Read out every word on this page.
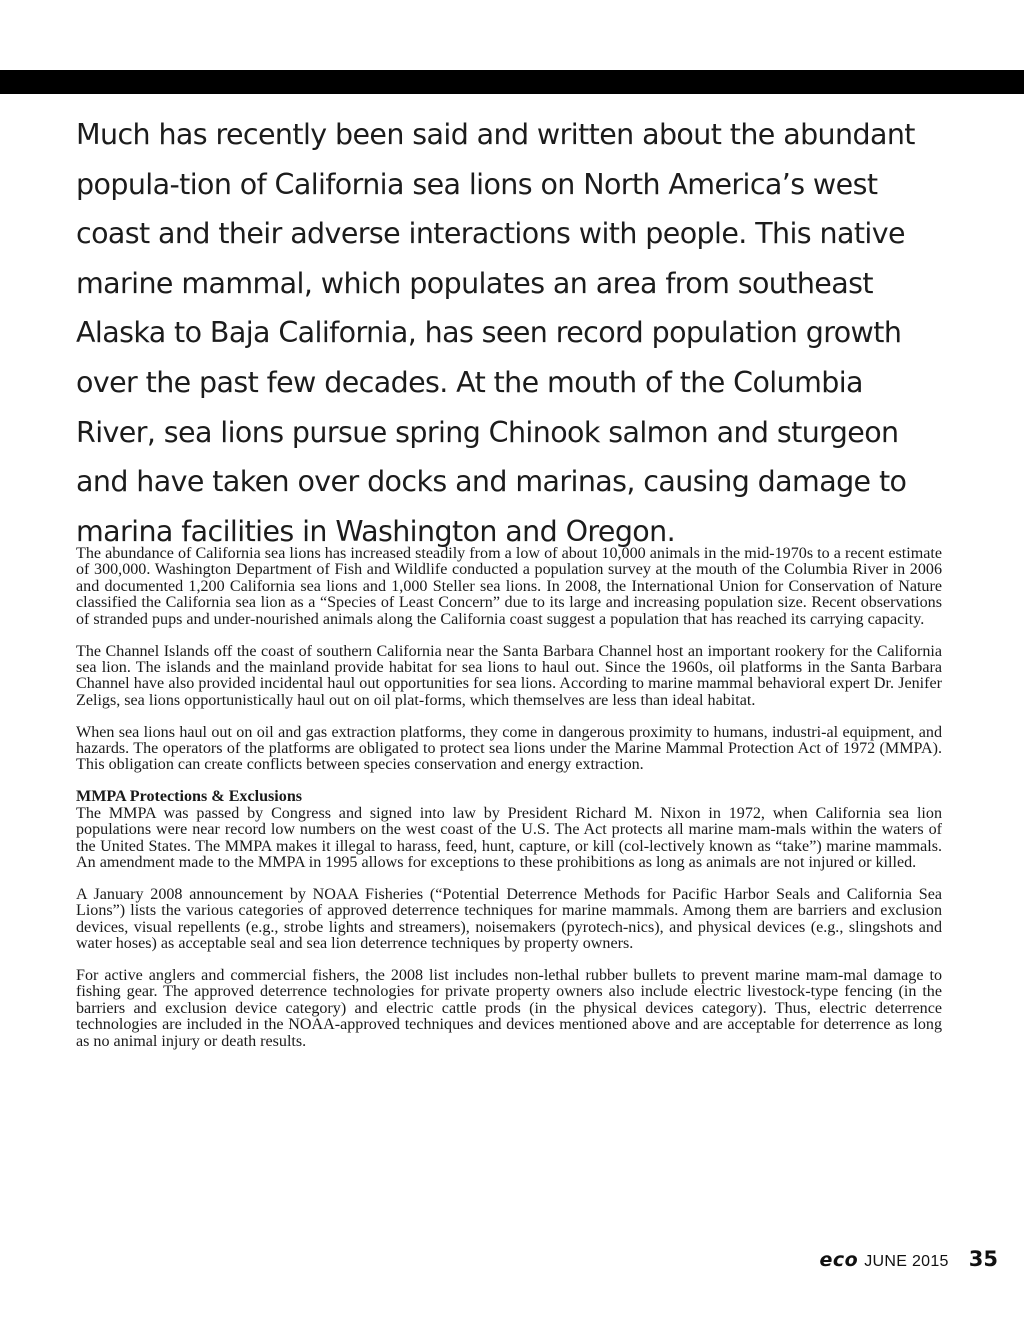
Much has recently been said and written about the abundant popula-tion of California sea lions on North America’s west coast and their adverse interactions with people. This native marine mammal, which populates an area from southeast Alaska to Baja California, has seen record population growth over the past few decades. At the mouth of the Columbia River, sea lions pursue spring Chinook salmon and sturgeon and have taken over docks and marinas, causing damage to marina facilities in Washington and Oregon.

The abundance of California sea lions has increased steadily from a low of about 10,000 animals in the mid-1970s to a recent estimate of 300,000. Washington Department of Fish and Wildlife conducted a population survey at the mouth of the Columbia River in 2006 and documented 1,200 California sea lions and 1,000 Steller sea lions. In 2008, the International Union for Conservation of Nature classified the California sea lion as a “Species of Least Concern” due to its large and increasing population size. Recent observations of stranded pups and under-nourished animals along the California coast suggest a population that has reached its carrying capacity.

The Channel Islands off the coast of southern California near the Santa Barbara Channel host an important rookery for the California sea lion. The islands and the mainland provide habitat for sea lions to haul out. Since the 1960s, oil platforms in the Santa Barbara Channel have also provided incidental haul out opportunities for sea lions. According to marine mammal behavioral expert Dr. Jenifer Zeligs, sea lions opportunistically haul out on oil plat-forms, which themselves are less than ideal habitat.

When sea lions haul out on oil and gas extraction platforms, they come in dangerous proximity to humans, industri-al equipment, and hazards. The operators of the platforms are obligated to protect sea lions under the Marine Mammal Protection Act of 1972 (MMPA). This obligation can create conflicts between species conservation and energy extraction.

MMPA Protections & Exclusions

The MMPA was passed by Congress and signed into law by President Richard M. Nixon in 1972, when California sea lion populations were near record low numbers on the west coast of the U.S. The Act protects all marine mam-mals within the waters of the United States. The MMPA makes it illegal to harass, feed, hunt, capture, or kill (col-lectively known as “take”) marine mammals. An amendment made to the MMPA in 1995 allows for exceptions to these prohibitions as long as animals are not injured or killed.

A January 2008 announcement by NOAA Fisheries (“Potential Deterrence Methods for Pacific Harbor Seals and California Sea Lions”) lists the various categories of approved deterrence techniques for marine mammals. Among them are barriers and exclusion devices, visual repellents (e.g., strobe lights and streamers), noisemakers (pyrotech-nics), and physical devices (e.g., slingshots and water hoses) as acceptable seal and sea lion deterrence techniques by property owners.

For active anglers and commercial fishers, the 2008 list includes non-lethal rubber bullets to prevent marine mam-mal damage to fishing gear. The approved deterrence technologies for private property owners also include electric livestock-type fencing (in the barriers and exclusion device category) and electric cattle prods (in the physical devices category). Thus, electric deterrence technologies are included in the NOAA-approved techniques and devices mentioned above and are acceptable for deterrence as long as no animal injury or death results.

eco JUNE 2015 35
